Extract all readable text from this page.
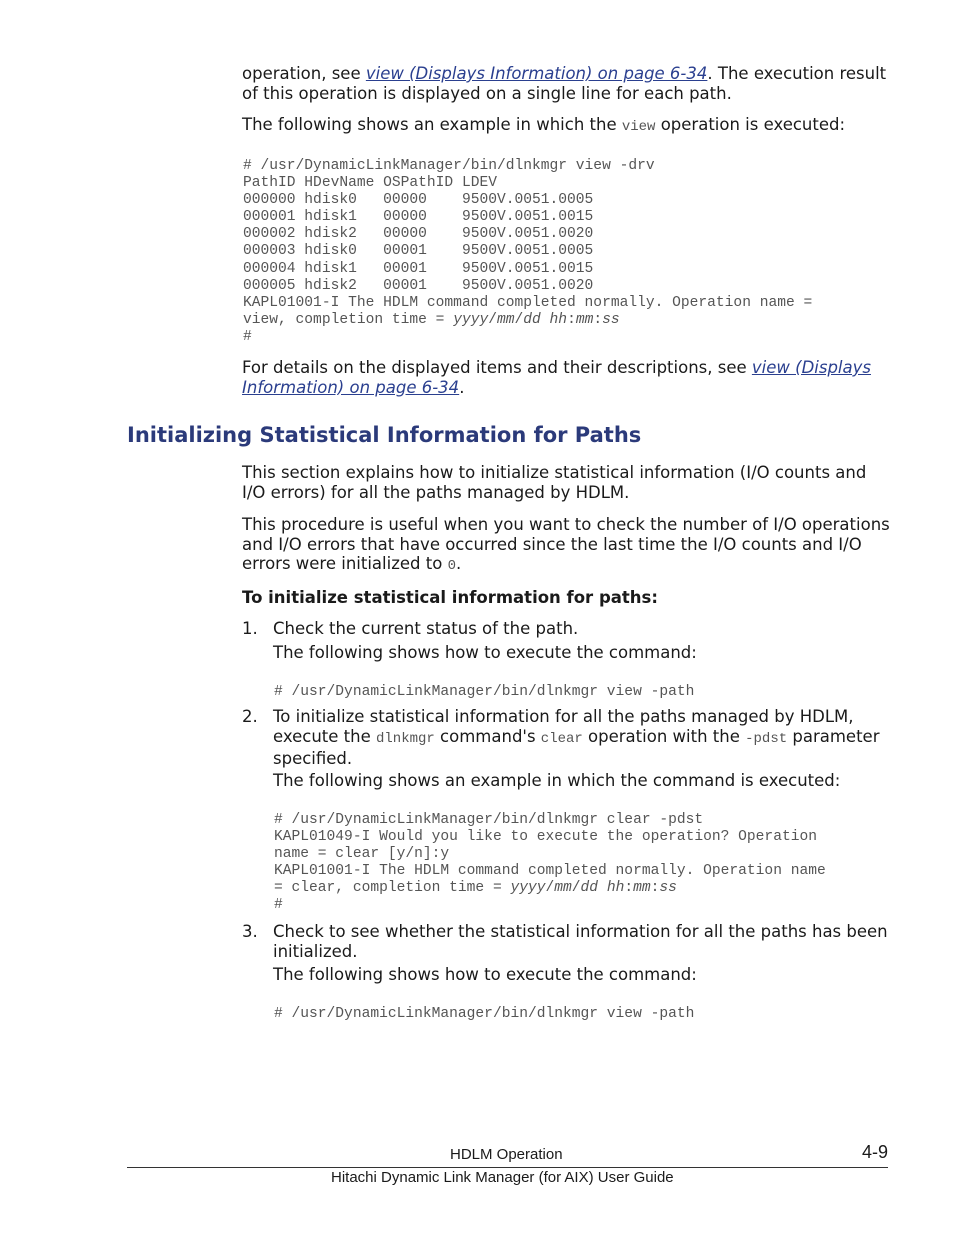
operation, see view (Displays Information) on page 6-34. The execution result of this operation is displayed on a single line for each path.

The following shows an example in which the view operation is executed:

# /usr/DynamicLinkManager/bin/dlnkmgr view -drv
PathID HDevName OSPathID LDEV
000000 hdisk0   00000    9500V.0051.0005
000001 hdisk1   00000    9500V.0051.0015
000002 hdisk2   00000    9500V.0051.0020
000003 hdisk0   00001    9500V.0051.0005
000004 hdisk1   00001    9500V.0051.0015
000005 hdisk2   00001    9500V.0051.0020
KAPL01001-I The HDLM command completed normally. Operation name =
view, completion time = yyyy/mm/dd hh:mm:ss
#

For details on the displayed items and their descriptions, see view (Displays
Information) on page 6-34.

Initializing Statistical Information for Paths

This section explains how to initialize statistical information (I/O counts and I/O errors) for all the paths managed by HDLM.

This procedure is useful when you want to check the number of I/O operations and I/O errors that have occurred since the last time the I/O counts and I/O errors were initialized to 0.

To initialize statistical information for paths:

1. Check the current status of the path.

The following shows how to execute the command:

# /usr/DynamicLinkManager/bin/dlnkmgr view -path
2. To initialize statistical information for all the paths managed by HDLM, execute the dlnkmgr command's clear operation with the -pdst parameter specified.

The following shows an example in which the command is executed:

# /usr/DynamicLinkManager/bin/dlnkmgr clear -pdst
KAPL01049-I Would you like to execute the operation? Operation
name = clear [y/n]:y
KAPL01001-I The HDLM command completed normally. Operation name
= clear, completion time = yyyy/mm/dd hh:mm:ss
#
3. Check to see whether the statistical information for all the paths has been initialized.

The following shows how to execute the command:

# /usr/DynamicLinkManager/bin/dlnkmgr view -path
HDLM Operation	4-9
Hitachi Dynamic Link Manager (for AIX) User Guide
